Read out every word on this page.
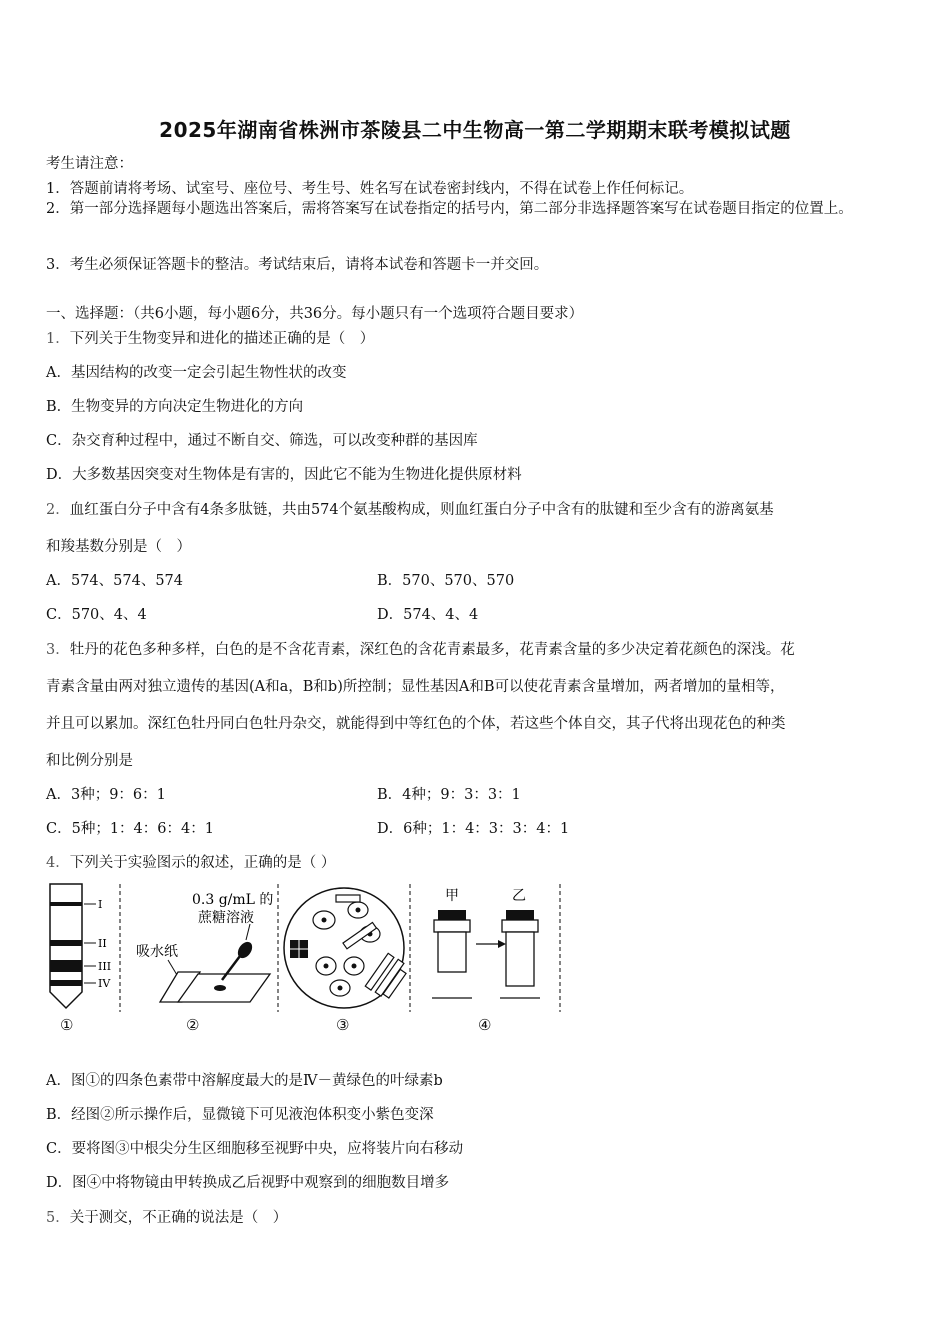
2025年湖南省株洲市茶陵县二中生物高一第二学期期末联考模拟试题
考生请注意：
1．答题前请将考场、试室号、座位号、考生号、姓名写在试卷密封线内，不得在试卷上作任何标记。
2．第一部分选择题每小题选出答案后，需将答案写在试卷指定的括号内，第二部分非选择题答案写在试卷题目指定的位置上。
3．考生必须保证答题卡的整洁。考试结束后，请将本试卷和答题卡一并交回。
一、选择题：（共6小题，每小题6分，共36分。每小题只有一个选项符合题目要求）
1．下列关于生物变异和进化的描述正确的是（　）
A．基因结构的改变一定会引起生物性状的改变
B．生物变异的方向决定生物进化的方向
C．杂交育种过程中，通过不断自交、筛选，可以改变种群的基因库
D．大多数基因突变对生物体是有害的，因此它不能为生物进化提供原材料
2．血红蛋白分子中含有4条多肽链，共由574个氨基酸构成，则血红蛋白分子中含有的肽键和至少含有的游离氨基
和羧基数分别是（　）
A．574、574、574	B．570、570、570
C．570、4、4	D．574、4、4
3．牡丹的花色多种多样，白色的是不含花青素，深红色的含花青素最多，花青素含量的多少决定着花颜色的深浅。花
青素含量由两对独立遗传的基因(A和a，B和b)所控制；显性基因A和B可以使花青素含量增加，两者增加的量相等，
并且可以累加。深红色牡丹同白色牡丹杂交，就能得到中等红色的个体，若这些个体自交，其子代将出现花色的种类
和比例分别是
A．3种；9：6：1	B．4种；9：3：3：1
C．5种；1：4：6：4：1	D．6种；1：4：3：3：4：1
4．下列关于实验图示的叙述，正确的是（ ）
I
II
III
IV
0.3 g/mL 的
蔗糖溶液
吸水纸
甲	乙
①	②	③	④
A．图①的四条色素带中溶解度最大的是Ⅳ－黄绿色的叶绿素b
B．经图②所示操作后，显微镜下可见液泡体积变小紫色变深
C．要将图③中根尖分生区细胞移至视野中央，应将装片向右移动
D．图④中将物镜由甲转换成乙后视野中观察到的细胞数目增多
5．关于测交，不正确的说法是（　）
